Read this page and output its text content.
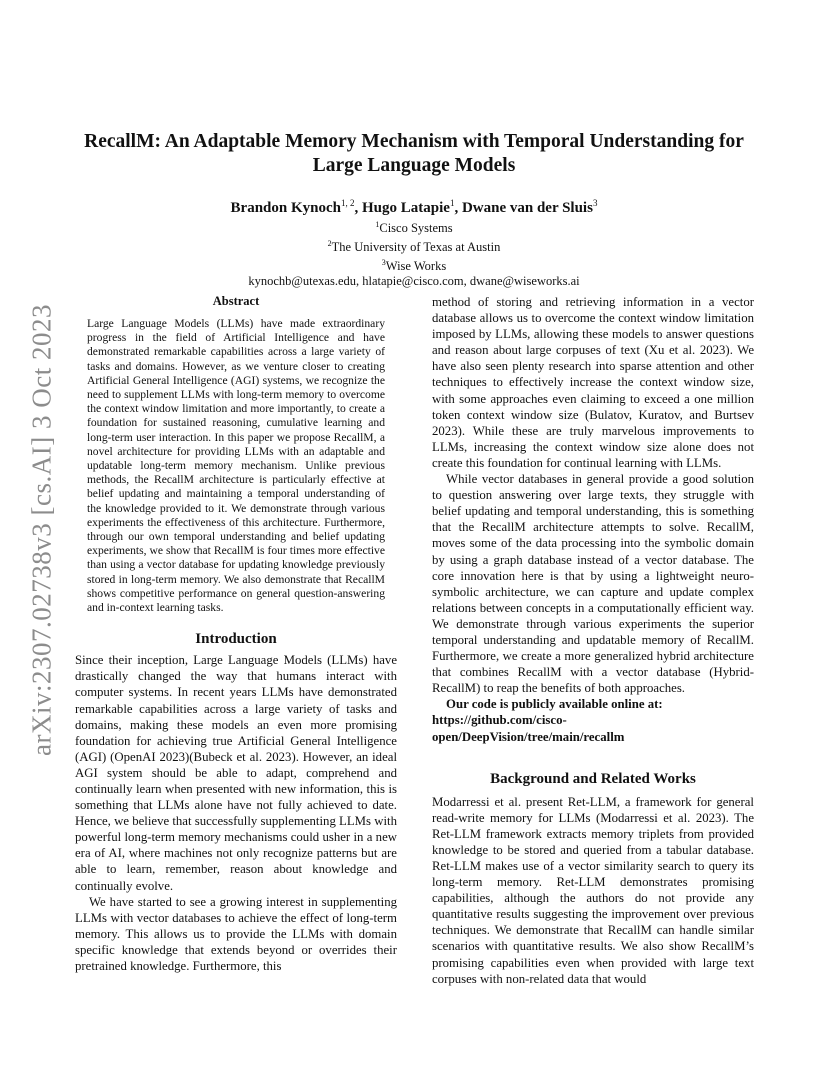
arXiv:2307.02738v3 [cs.AI] 3 Oct 2023
RecallM: An Adaptable Memory Mechanism with Temporal Understanding for Large Language Models
Brandon Kynoch$^{1, 2}$, Hugo Latapie$^1$, Dwane van der Sluis$^3$
$^1$Cisco Systems
$^2$The University of Texas at Austin
$^3$Wise Works
kynochb@utexas.edu, hlatapie@cisco.com, dwane@wiseworks.ai
Abstract

Large Language Models (LLMs) have made extraordinary progress in the field of Artificial Intelligence and have demonstrated remarkable capabilities across a large variety of tasks and domains. However, as we venture closer to creating Artificial General Intelligence (AGI) systems, we recognize the need to supplement LLMs with long-term memory to overcome the context window limitation and more importantly, to create a foundation for sustained reasoning, cumulative learning and long-term user interaction. In this paper we propose RecallM, a novel architecture for providing LLMs with an adaptable and updatable long-term memory mechanism. Unlike previous methods, the RecallM architecture is particularly effective at belief updating and maintaining a temporal understanding of the knowledge provided to it. We demonstrate through various experiments the effectiveness of this architecture. Furthermore, through our own temporal understanding and belief updating experiments, we show that RecallM is four times more effective than using a vector database for updating knowledge previously stored in long-term memory. We also demonstrate that RecallM shows competitive performance on general question-answering and in-context learning tasks.

Introduction

Since their inception, Large Language Models (LLMs) have drastically changed the way that humans interact with computer systems. In recent years LLMs have demonstrated remarkable capabilities across a large variety of tasks and domains, making these models an even more promising foundation for achieving true Artificial General Intelligence (AGI) (OpenAI 2023)(Bubeck et al. 2023). However, an ideal AGI system should be able to adapt, comprehend and continually learn when presented with new information, this is something that LLMs alone have not fully achieved to date. Hence, we believe that successfully supplementing LLMs with powerful long-term memory mechanisms could usher in a new era of AI, where machines not only recognize patterns but are able to learn, remember, reason about knowledge and continually evolve.

We have started to see a growing interest in supplementing LLMs with vector databases to achieve the effect of long-term memory. This allows us to provide the LLMs with domain specific knowledge that extends beyond or overrides their pretrained knowledge. Furthermore, this

method of storing and retrieving information in a vector database allows us to overcome the context window limitation imposed by LLMs, allowing these models to answer questions and reason about large corpuses of text (Xu et al. 2023). We have also seen plenty research into sparse attention and other techniques to effectively increase the context window size, with some approaches even claiming to exceed a one million token context window size (Bulatov, Kuratov, and Burtsev 2023). While these are truly marvelous improvements to LLMs, increasing the context window size alone does not create this foundation for continual learning with LLMs.

While vector databases in general provide a good solution to question answering over large texts, they struggle with belief updating and temporal understanding, this is something that the RecallM architecture attempts to solve. RecallM, moves some of the data processing into the symbolic domain by using a graph database instead of a vector database. The core innovation here is that by using a lightweight neuro-symbolic architecture, we can capture and update complex relations between concepts in a computationally efficient way. We demonstrate through various experiments the superior temporal understanding and updatable memory of RecallM. Furthermore, we create a more generalized hybrid architecture that combines RecallM with a vector database (Hybrid-RecallM) to reap the benefits of both approaches.

Our code is publicly available online at:

https://github.com/cisco-open/DeepVision/tree/main/recallm

Background and Related Works

Modarressi et al. present Ret-LLM, a framework for general read-write memory for LLMs (Modarressi et al. 2023). The Ret-LLM framework extracts memory triplets from provided knowledge to be stored and queried from a tabular database. Ret-LLM makes use of a vector similarity search to query its long-term memory. Ret-LLM demonstrates promising capabilities, although the authors do not provide any quantitative results suggesting the improvement over previous techniques. We demonstrate that RecallM can handle similar scenarios with quantitative results. We also show RecallM’s promising capabilities even when provided with large text corpuses with non-related data that would
